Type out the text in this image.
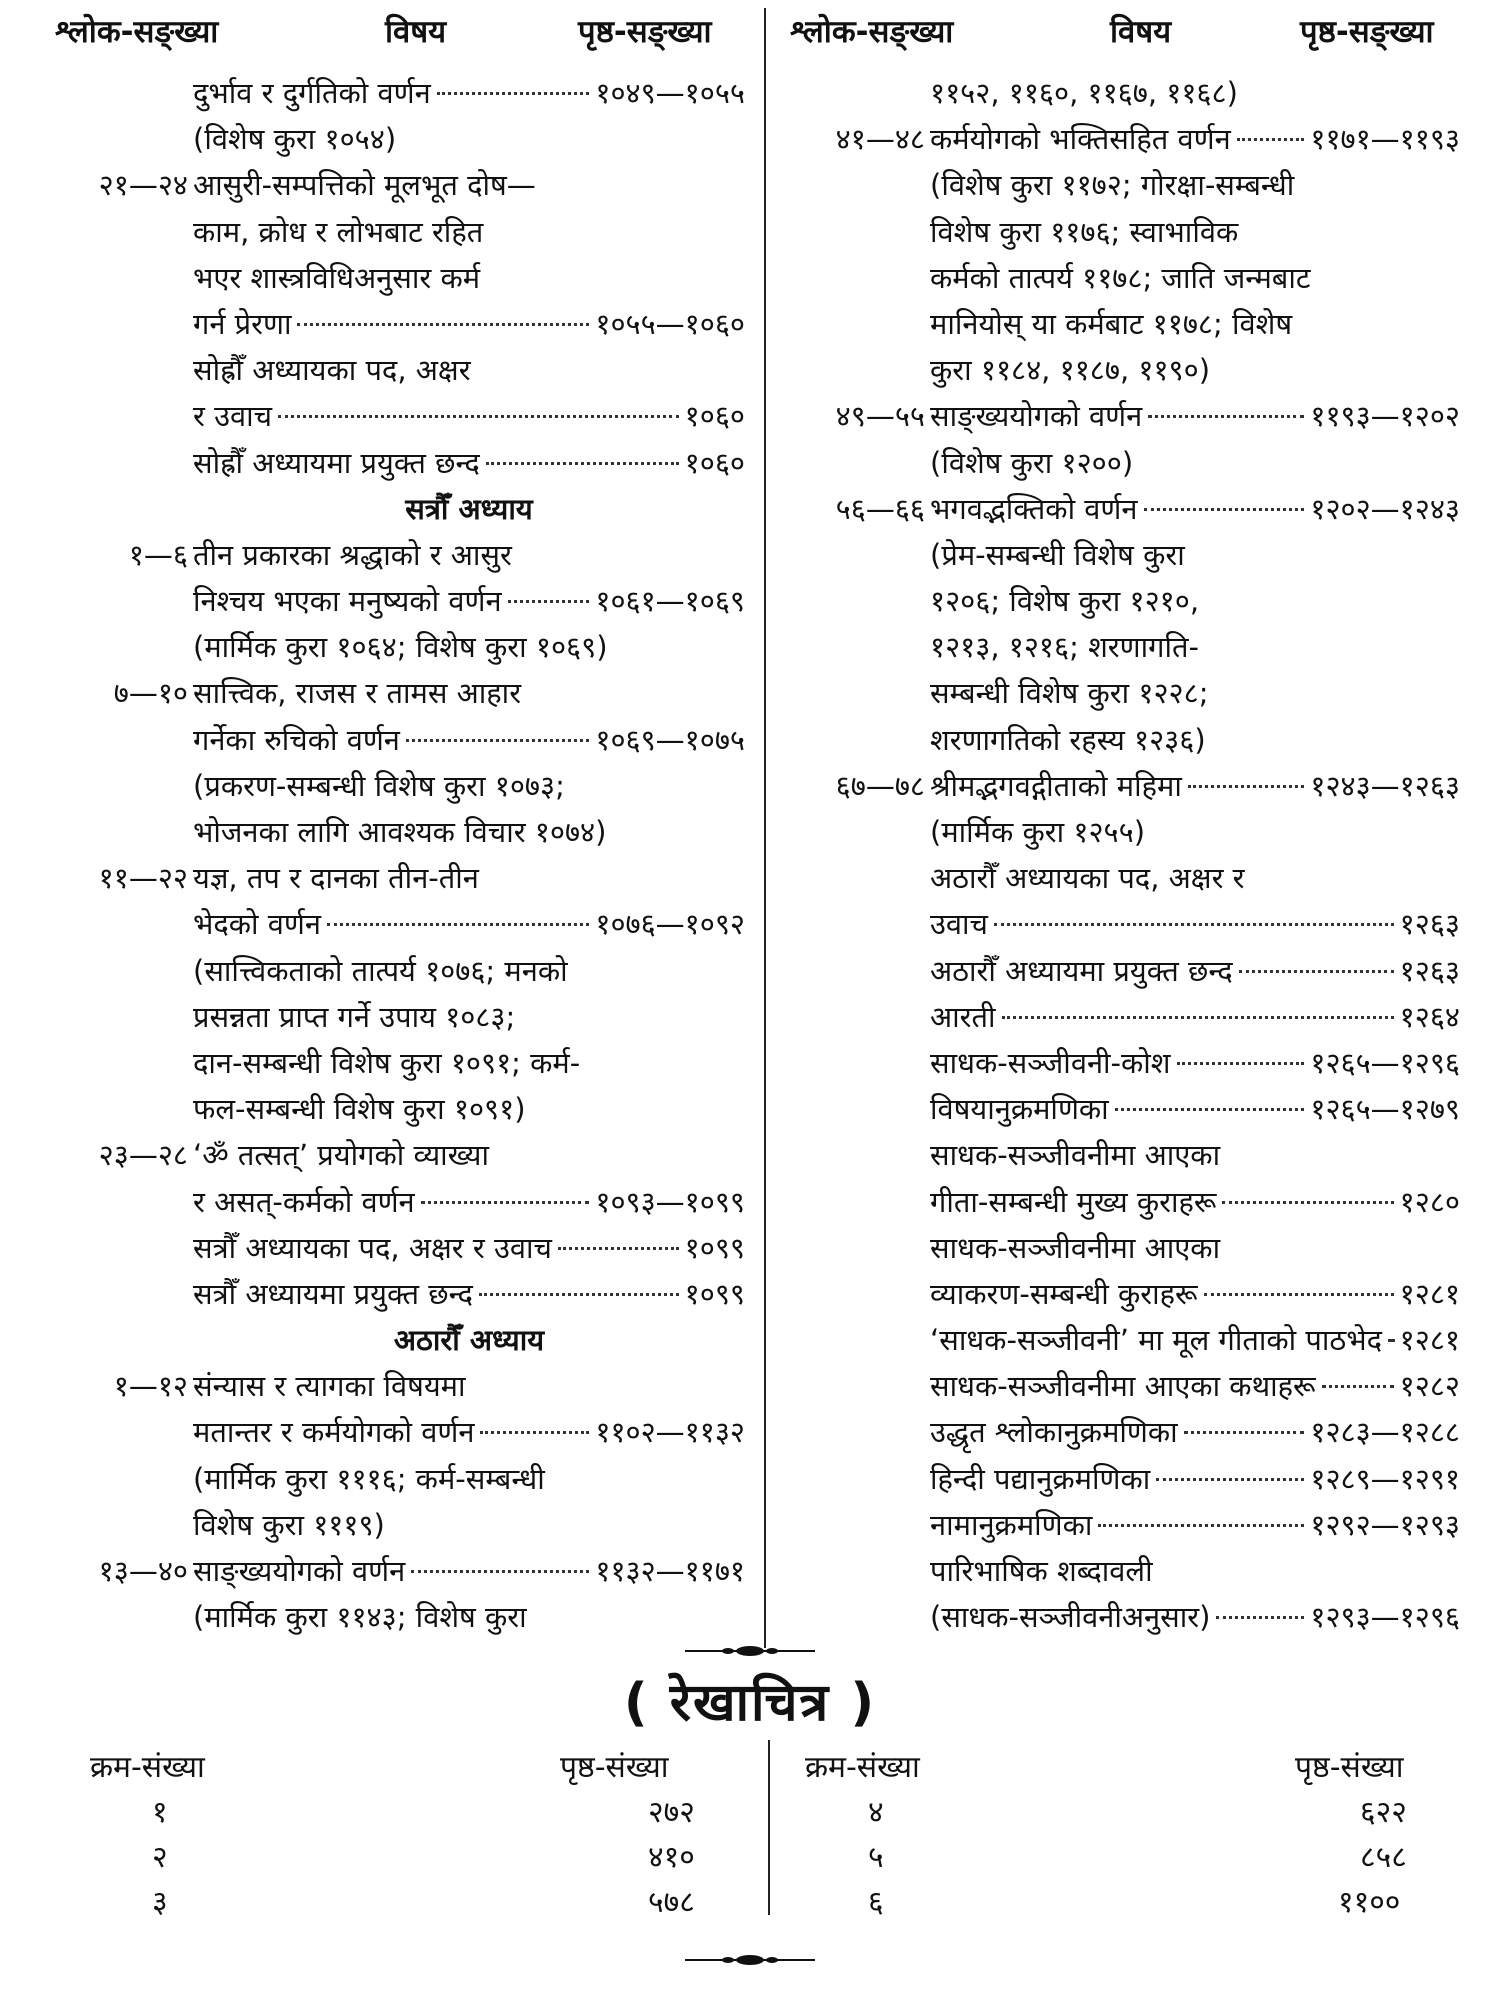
श्लोक-सङ्ख्या	विषय	पृष्ठ-सङ्ख्या	श्लोक-सङ्ख्या	विषय	पृष्ठ-सङ्ख्या
दुर्भाव र दुर्गतिको वर्णन	१०४९—१०५५
(विशेष कुरा १०५४)
२१—२४ आसुरी-सम्पत्तिको मूलभूत दोष—
काम, क्रोध र लोभबाट रहित
भएर शास्त्रविधिअनुसार कर्म
गर्न प्रेरणा	१०५५—१०६०
सोह्रौँ अध्यायका पद, अक्षर
र उवाच	१०६०
सोह्रौँ अध्यायमा प्रयुक्त छन्द	१०६०
सत्रौँ अध्याय
१—६ तीन प्रकारका श्रद्धाको र आसुर
निश्चय भएका मनुष्यको वर्णन	१०६१—१०६९
(मार्मिक कुरा १०६४; विशेष कुरा १०६९)
७—१० सात्त्विक, राजस र तामस आहार
गर्नेका रुचिको वर्णन	१०६९—१०७५
(प्रकरण-सम्बन्धी विशेष कुरा १०७३;
भोजनका लागि आवश्यक विचार १०७४)
११—२२ यज्ञ, तप र दानका तीन-तीन
भेदको वर्णन	१०७६—१०९२
(सात्त्विकताको तात्पर्य १०७६; मनको
प्रसन्नता प्राप्त गर्ने उपाय १०८३;
दान-सम्बन्धी विशेष कुरा १०९१; कर्म-
फल-सम्बन्धी विशेष कुरा १०९१)
२३—२८ ‘ॐ तत्सत्’ प्रयोगको व्याख्या
र असत्-कर्मको वर्णन	१०९३—१०९९
सत्रौँ अध्यायका पद, अक्षर र उवाच	१०९९
सत्रौँ अध्यायमा प्रयुक्त छन्द	१०९९
अठारौँ अध्याय
१—१२ संन्यास र त्यागका विषयमा
मतान्तर र कर्मयोगको वर्णन	११०२—११३२
(मार्मिक कुरा १११६; कर्म-सम्बन्धी
विशेष कुरा १११९)
१३—४० साङ्ख्ययोगको वर्णन	११३२—११७१
(मार्मिक कुरा ११४३; विशेष कुरा
११५२, ११६०, ११६७, ११६८)
४१—४८ कर्मयोगको भक्तिसहित वर्णन	११७१—११९३
(विशेष कुरा ११७२; गोरक्षा-सम्बन्धी
विशेष कुरा ११७६; स्वाभाविक
कर्मको तात्पर्य ११७८; जाति जन्मबाट
मानियोस् या कर्मबाट ११७८; विशेष
कुरा ११८४, ११८७, ११९०)
४९—५५ साङ्ख्ययोगको वर्णन	११९३—१२०२
(विशेष कुरा १२००)
५६—६६ भगवद्भक्तिको वर्णन	१२०२—१२४३
(प्रेम-सम्बन्धी विशेष कुरा
१२०६; विशेष कुरा १२१०,
१२१३, १२१६; शरणागति-
सम्बन्धी विशेष कुरा १२२८;
शरणागतिको रहस्य १२३६)
६७—७८ श्रीमद्भगवद्गीताको महिमा	१२४३—१२६३
(मार्मिक कुरा १२५५)
अठारौँ अध्यायका पद, अक्षर र
उवाच	१२६३
अठारौँ अध्यायमा प्रयुक्त छन्द	१२६३
आरती	१२६४
साधक-सञ्जीवनी-कोश	१२६५—१२९६
विषयानुक्रमणिका	१२६५—१२७९
साधक-सञ्जीवनीमा आएका
गीता-सम्बन्धी मुख्य कुराहरू	१२८०
साधक-सञ्जीवनीमा आएका
व्याकरण-सम्बन्धी कुराहरू	१२८१
‘साधक-सञ्जीवनी’ मा मूल गीताको पाठभेद १२८१
साधक-सञ्जीवनीमा आएका कथाहरू	१२८२
उद्धृत श्लोकानुक्रमणिका	१२८३—१२८८
हिन्दी पद्यानुक्रमणिका	१२८९—१२९१
नामानुक्रमणिका	१२९२—१२९३
पारिभाषिक शब्दावली
(साधक-सञ्जीवनीअनुसार)	१२९३—१२९६
( रेखाचित्र )
क्रम-संख्या	पृष्ठ-संख्या	क्रम-संख्या	पृष्ठ-संख्या
१	२७२
२	४१०
३	५७८
४	६२२
५	८५८
६	११००
